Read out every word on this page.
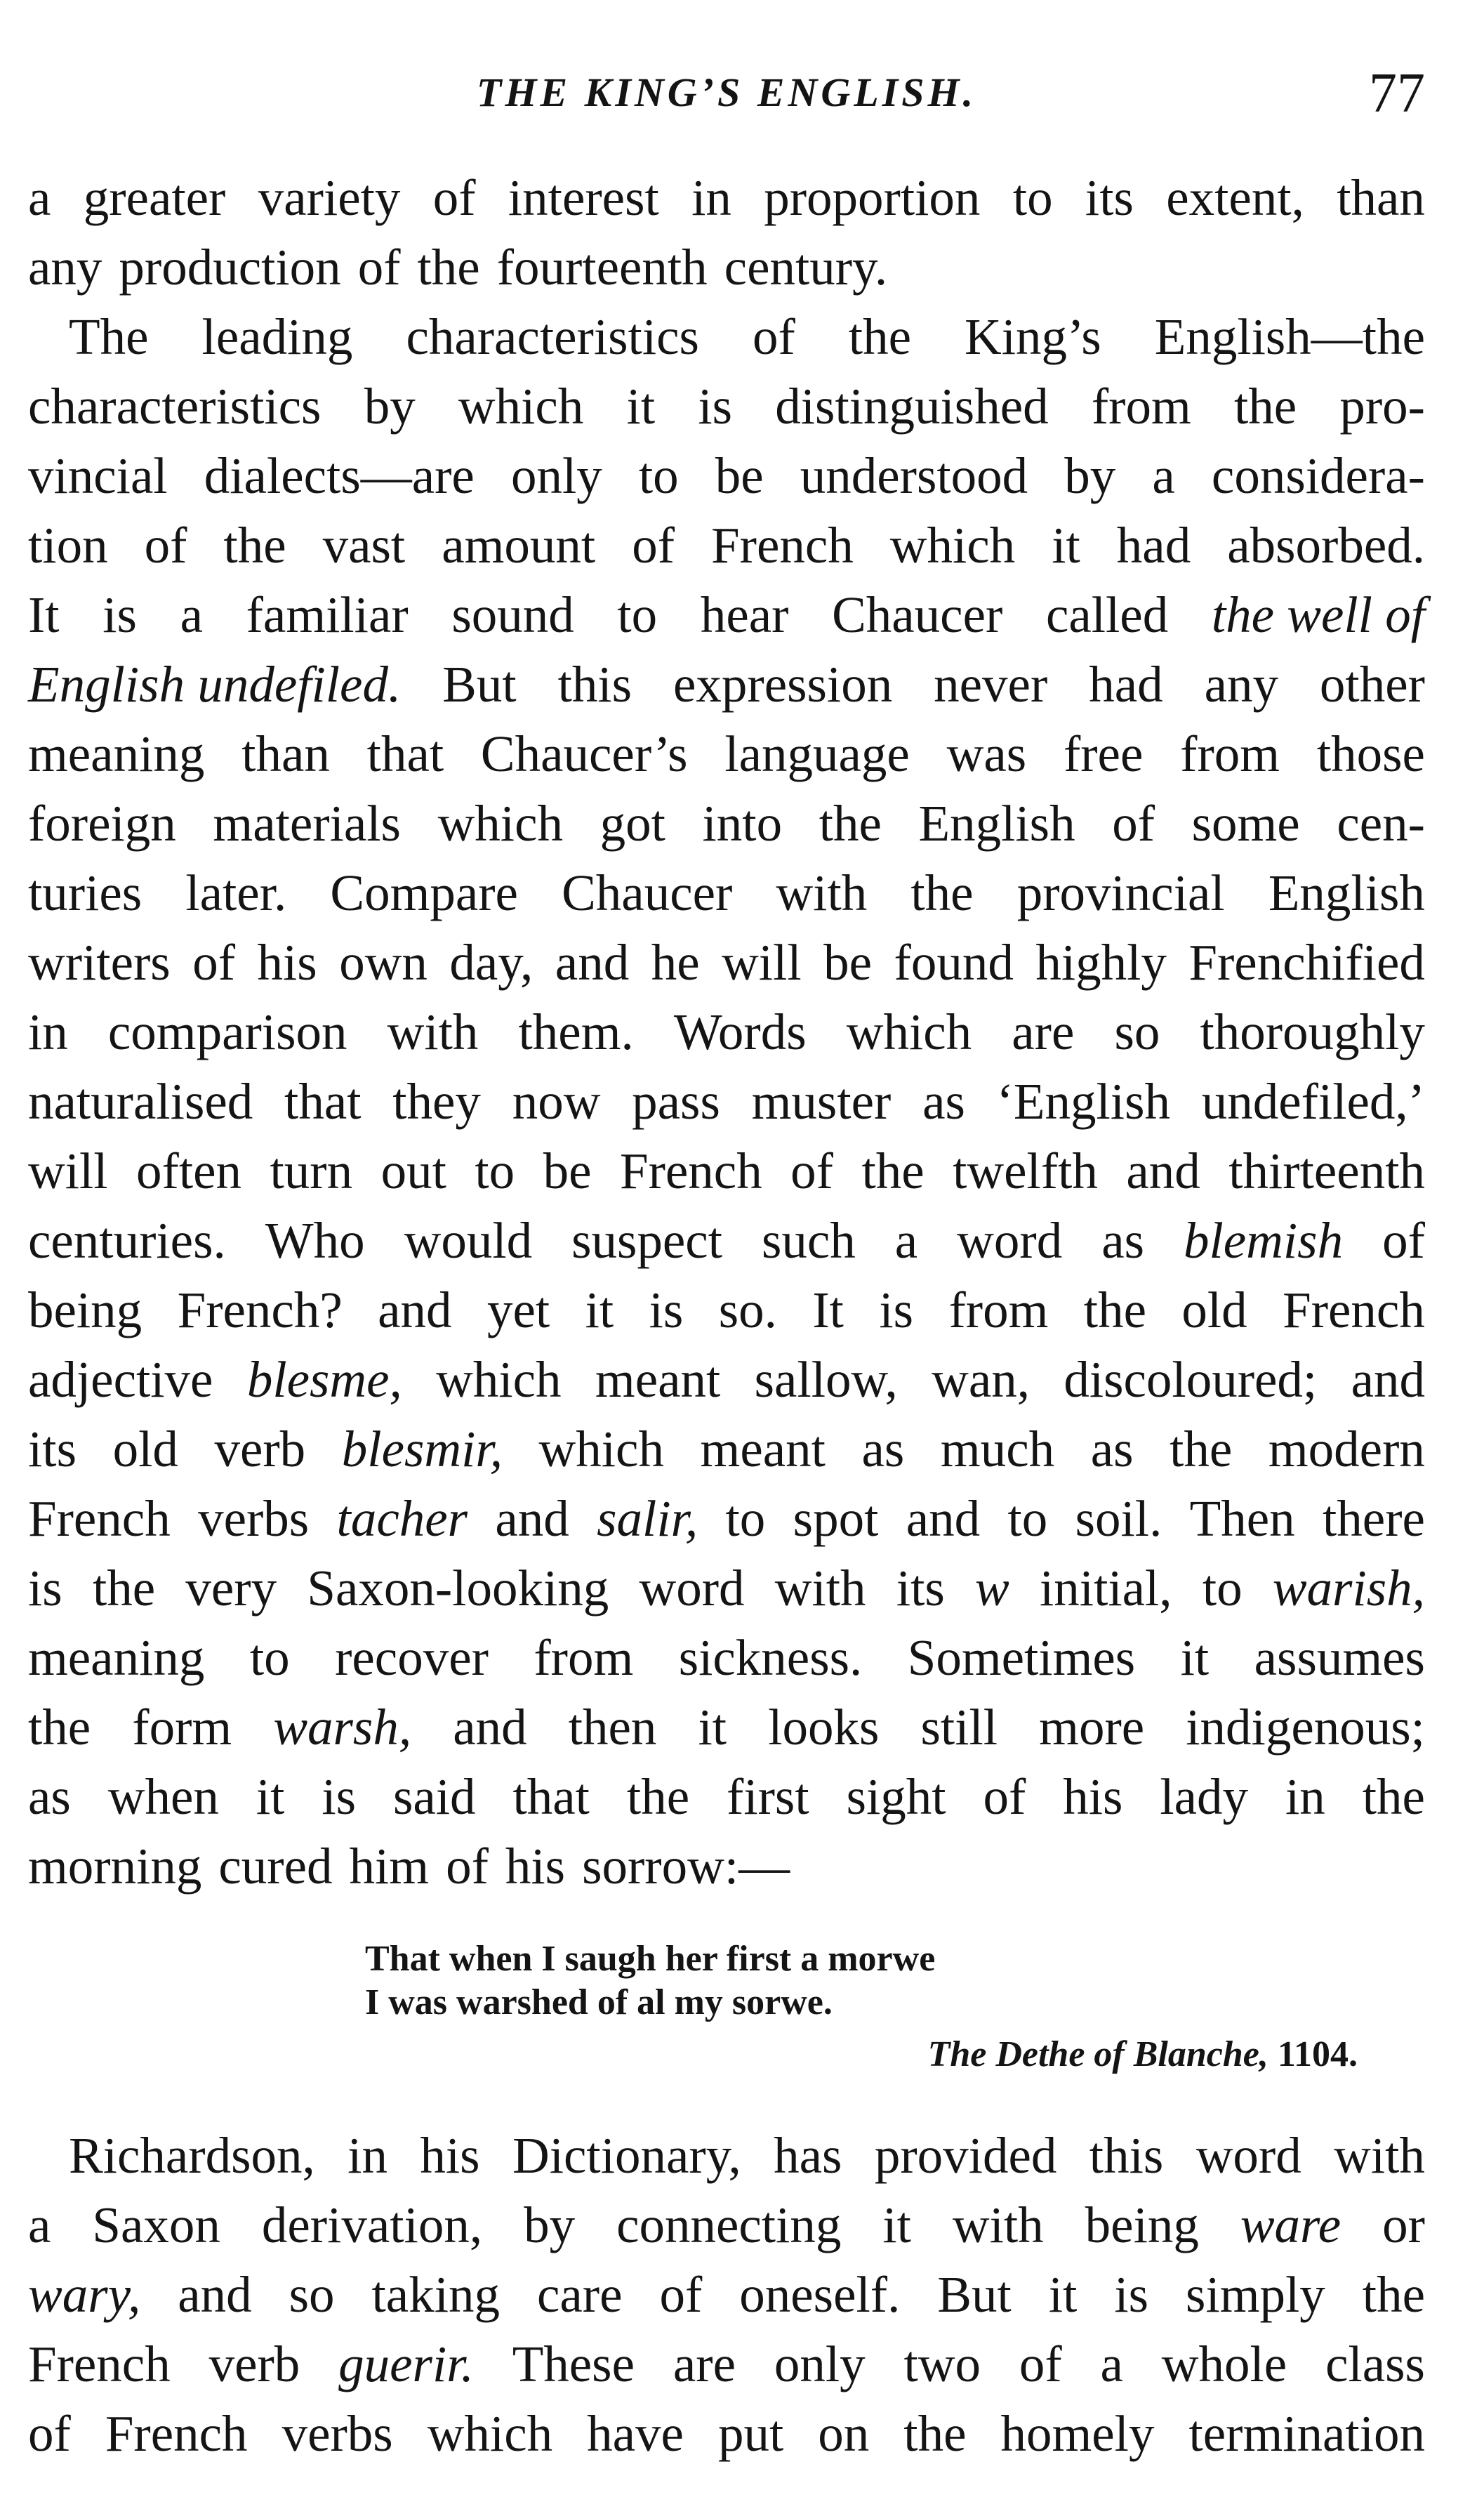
THE KING’S ENGLISH.	77
a greater variety of interest in proportion to its extent, than
any production of the fourteenth century.
The leading characteristics of the King’s English—the
characteristics by which it is distinguished from the pro-
vincial dialects—are only to be understood by a considera-
tion of the vast amount of French which it had absorbed.
It is a familiar sound to hear Chaucer called the well of
English undefiled. But this expression never had any other
meaning than that Chaucer’s language was free from those
foreign materials which got into the English of some cen-
turies later. Compare Chaucer with the provincial English
writers of his own day, and he will be found highly Frenchified
in comparison with them. Words which are so thoroughly
naturalised that they now pass muster as ‘English undefiled,’
will often turn out to be French of the twelfth and thirteenth
centuries. Who would suspect such a word as blemish of
being French? and yet it is so. It is from the old French
adjective blesme, which meant sallow, wan, discoloured; and
its old verb blesmir, which meant as much as the modern
French verbs tacher and salir, to spot and to soil. Then there
is the very Saxon-looking word with its w initial, to warish,
meaning to recover from sickness. Sometimes it assumes
the form warsh, and then it looks still more indigenous;
as when it is said that the first sight of his lady in the
morning cured him of his sorrow:—
That when I saugh her first a morwe
I was warshed of al my sorwe.
The Dethe of Blanche, 1104.
Richardson, in his Dictionary, has provided this word with
a Saxon derivation, by connecting it with being ware or
wary, and so taking care of oneself. But it is simply the
French verb guerir. These are only two of a whole class
of French verbs which have put on the homely termination
